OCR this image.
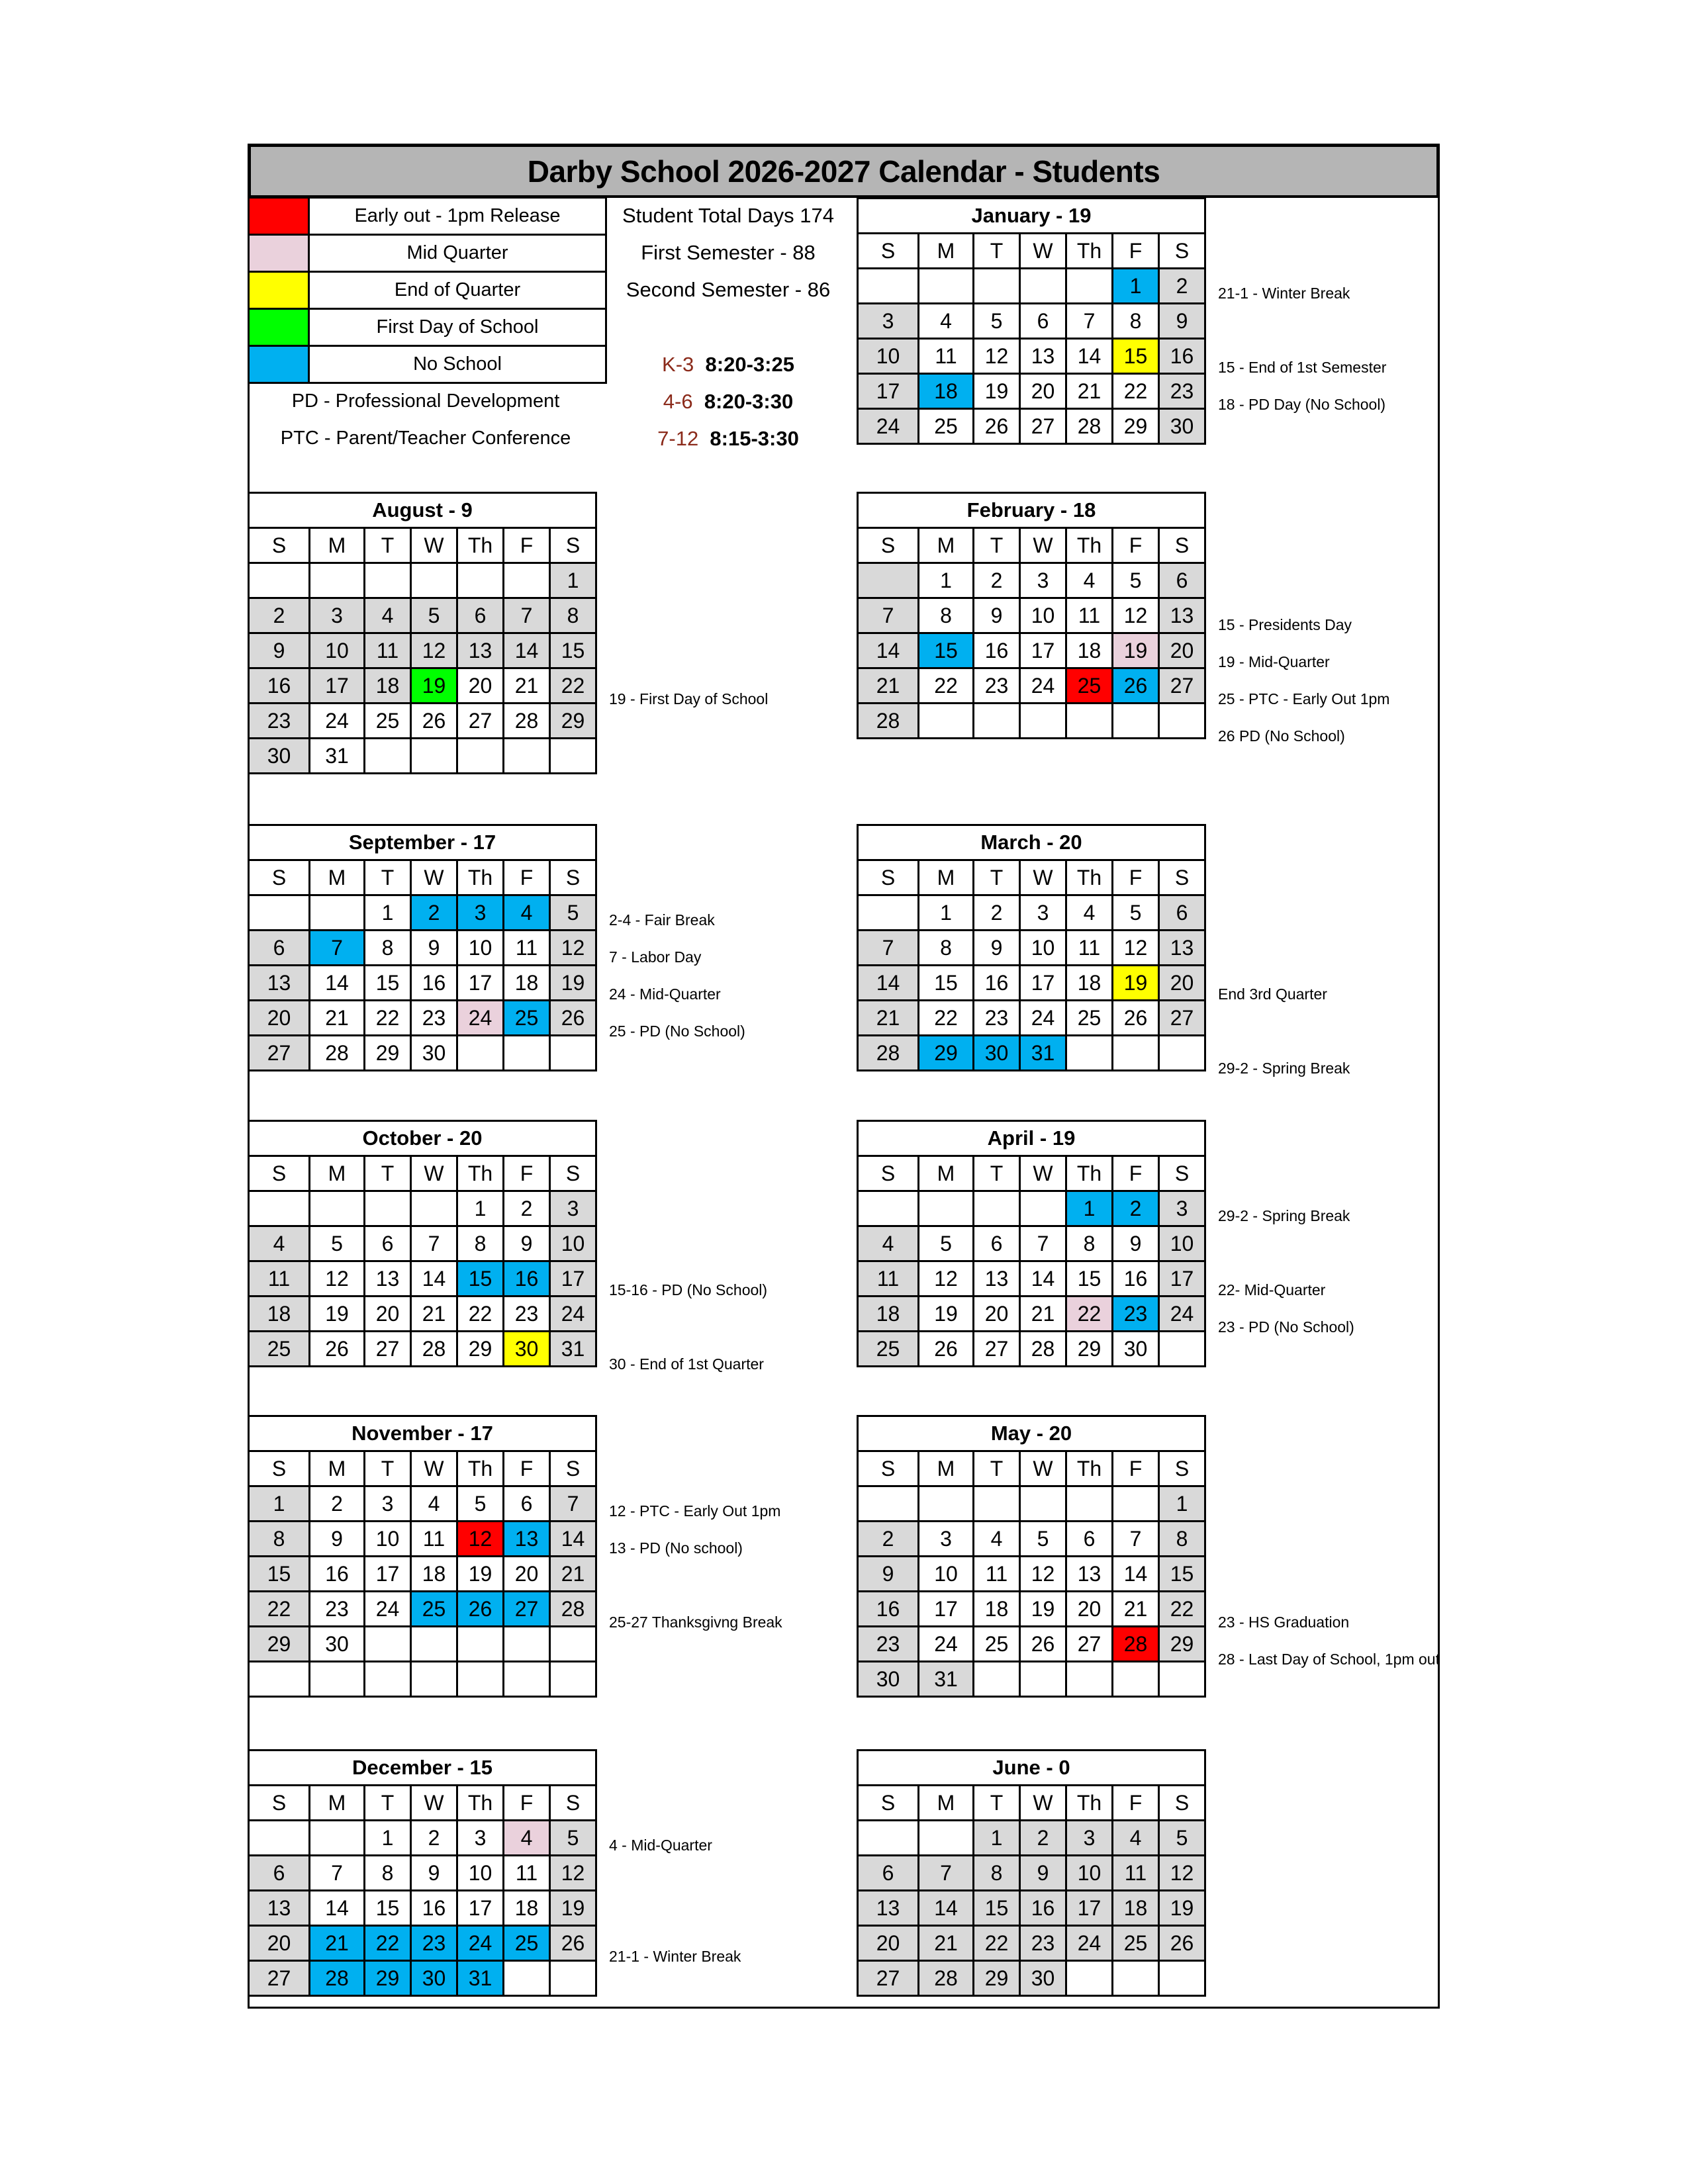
Darby School 2026-2027 Calendar - Students
	Early out - 1pm Release
	Mid Quarter
	End of Quarter
	First Day of School
	No School
PD - Professional Development
PTC - Parent/Teacher Conference
Student Total Days 174
First Semester - 88
Second Semester - 86
K-3 8:20-3:25
4-6 8:20-3:30
7-12 8:15-3:30
19 - First Day of School
August - 9						
S	M	T	W	Th	F	S
						1
2	3	4	5	6	7	8
9	10	11	12	13	14	15
16	17	18	19	20	21	22
23	24	25	26	27	28	29
30	31					
2-4 - Fair Break
7 - Labor Day
24 - Mid-Quarter
25 - PD (No School)
September - 17						
S	M	T	W	Th	F	S
		1	2	3	4	5
6	7	8	9	10	11	12
13	14	15	16	17	18	19
20	21	22	23	24	25	26
27	28	29	30			
15-16 - PD (No School)
30 - End of 1st Quarter
October - 20						
S	M	T	W	Th	F	S
				1	2	3
4	5	6	7	8	9	10
11	12	13	14	15	16	17
18	19	20	21	22	23	24
25	26	27	28	29	30	31
12 - PTC - Early Out 1pm
13 - PD (No school)
25-27 Thanksgivng Break
November - 17						
S	M	T	W	Th	F	S
1	2	3	4	5	6	7
8	9	10	11	12	13	14
15	16	17	18	19	20	21
22	23	24	25	26	27	28
29	30					

4 - Mid-Quarter
21-1 - Winter Break
December - 15						
S	M	T	W	Th	F	S
		1	2	3	4	5
6	7	8	9	10	11	12
13	14	15	16	17	18	19
20	21	22	23	24	25	26
27	28	29	30	31		
21-1 - Winter Break
15 - End of 1st Semester
18 - PD Day (No School)
January - 19						
S	M	T	W	Th	F	S
					1	2
3	4	5	6	7	8	9
10	11	12	13	14	15	16
17	18	19	20	21	22	23
24	25	26	27	28	29	30
15 - Presidents Day
19 - Mid-Quarter
25 - PTC - Early Out 1pm
26 PD (No School)
February - 18						
S	M	T	W	Th	F	S
	1	2	3	4	5	6
7	8	9	10	11	12	13
14	15	16	17	18	19	20
21	22	23	24	25	26	27
28						
End 3rd Quarter
29-2 - Spring Break
March - 20						
S	M	T	W	Th	F	S
	1	2	3	4	5	6
7	8	9	10	11	12	13
14	15	16	17	18	19	20
21	22	23	24	25	26	27
28	29	30	31			
29-2 - Spring Break
22- Mid-Quarter
23 - PD (No School)
April - 19						
S	M	T	W	Th	F	S
				1	2	3
4	5	6	7	8	9	10
11	12	13	14	15	16	17
18	19	20	21	22	23	24
25	26	27	28	29	30	
23 - HS Graduation
28 - Last Day of School, 1pm out
May - 20						
S	M	T	W	Th	F	S
						1
2	3	4	5	6	7	8
9	10	11	12	13	14	15
16	17	18	19	20	21	22
23	24	25	26	27	28	29
30	31					
June - 0						
S	M	T	W	Th	F	S
		1	2	3	4	5
6	7	8	9	10	11	12
13	14	15	16	17	18	19
20	21	22	23	24	25	26
27	28	29	30			
